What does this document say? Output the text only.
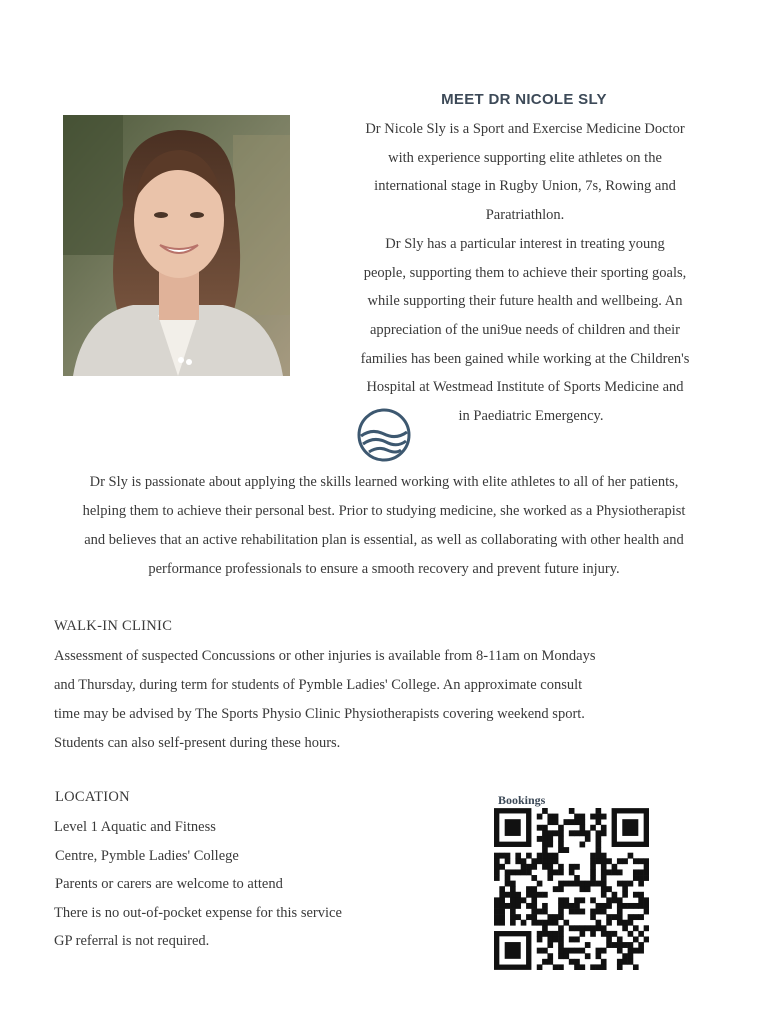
MEET DR NICOLE SLY

Dr Nicole Sly is a Sport and Exercise Medicine Doctor

with experience supporting elite athletes on the

international stage in Rugby Union, 7s, Rowing and

Paratriathlon.

Dr Sly has a particular interest in treating young

people, supporting them to achieve their sporting goals,

while supporting their future health and wellbeing. An

appreciation of the uni9ue needs of children and their

families has been gained while working at the Children's

Hospital at Westmead Institute of Sports Medicine and

in Paediatric Emergency.

Dr Sly is passionate about applying the skills learned working with elite athletes to all of her patients,
helping them to achieve their personal best. Prior to studying medicine, she worked as a Physiotherapist
and believes that an active rehabilitation plan is essential, as well as collaborating with other health and
performance professionals to ensure a smooth recovery and prevent future injury.
WALK-IN CLINIC
Assessment of suspected Concussions or other injuries is available from 8-11am on Mondays
and Thursday, during term for students of Pymble Ladies' College. An approximate consult
time may be advised by The Sports Physio Clinic Physiotherapists covering weekend sport.
Students can also self-present during these hours.
LOCATION
Level 1 Aquatic and Fitness
Centre, Pymble Ladies' College
Parents or carers are welcome to attend
There is no out-of-pocket expense for this service
GP referral is not required.
Bookings
